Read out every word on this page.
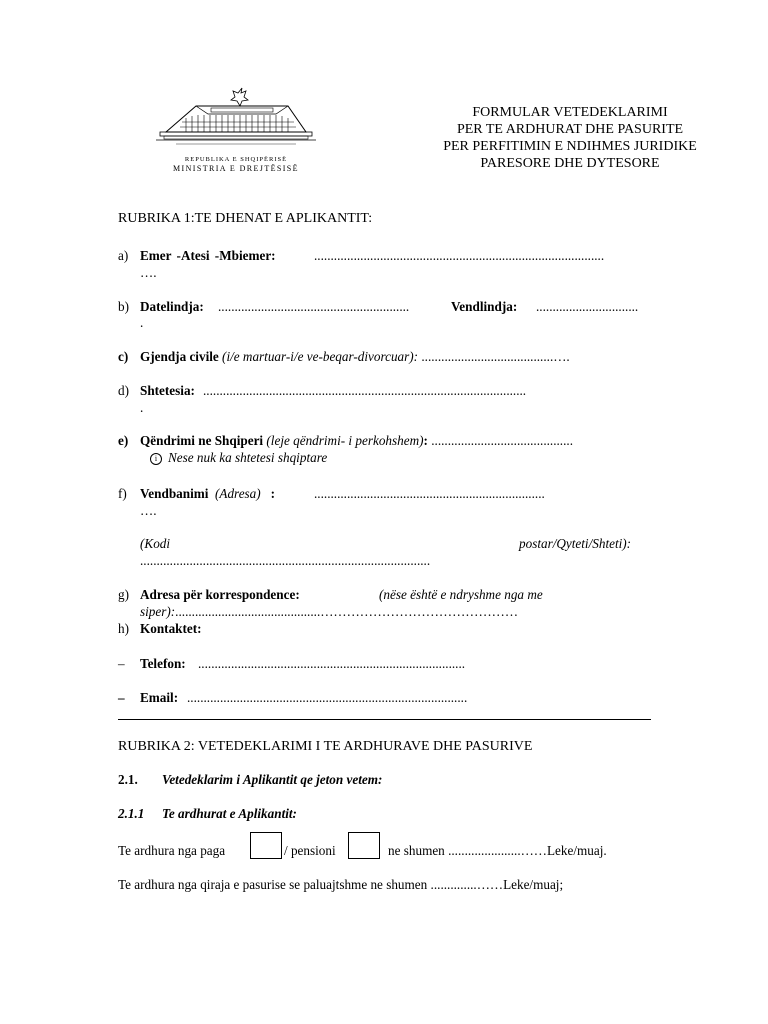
REPUBLIKA E SHQIPËRISË
MINISTRIA E DREJTËSISË
FORMULAR VETEDEKLARIMI
PER TE ARDHURAT DHE PASURITE
PER PERFITIMIN E NDIHMES JURIDIKE
PARESORE DHE DYTESORE
RUBRIKA 1:TE DHENAT E APLIKANTIT:
a) Emer -Atesi -Mbiemer:	........................................................................................
….
b) Datelindja: ..........................................................	Vendlindja: ...............................
.
c) Gjendja civile (i/e martuar-i/e ve-beqar-divorcuar): ........................................….
d) Shtetesia: ..................................................................................................
.
e) Qëndrimi ne Shqiperi (leje qëndrimi- i perkohshem): ...........................................
i Nese nuk ka shtetesi shqiptare
f) Vendbanimi (Adresa) :	......................................................................
….
(Kodi	postar/Qyteti/Shteti):
........................................................................................
g) Adresa për korrespondence:	(nëse është e ndryshme nga me
siper):............................................………………………………………
h) Kontaktet:
– Telefon: .................................................................................
– Email: .....................................................................................
RUBRIKA 2: VETEDEKLARIMI I TE ARDHURAVE DHE PASURIVE
2.1. Vetedeklarim i Aplikantit qe jeton vetem:
2.1.1 Te ardhurat e Aplikantit:
Te ardhura nga paga	/ pensioni	ne shumen ......................……Leke/muaj.
Te ardhura nga qiraja e pasurise se paluajtshme ne shumen ..............……Leke/muaj;
